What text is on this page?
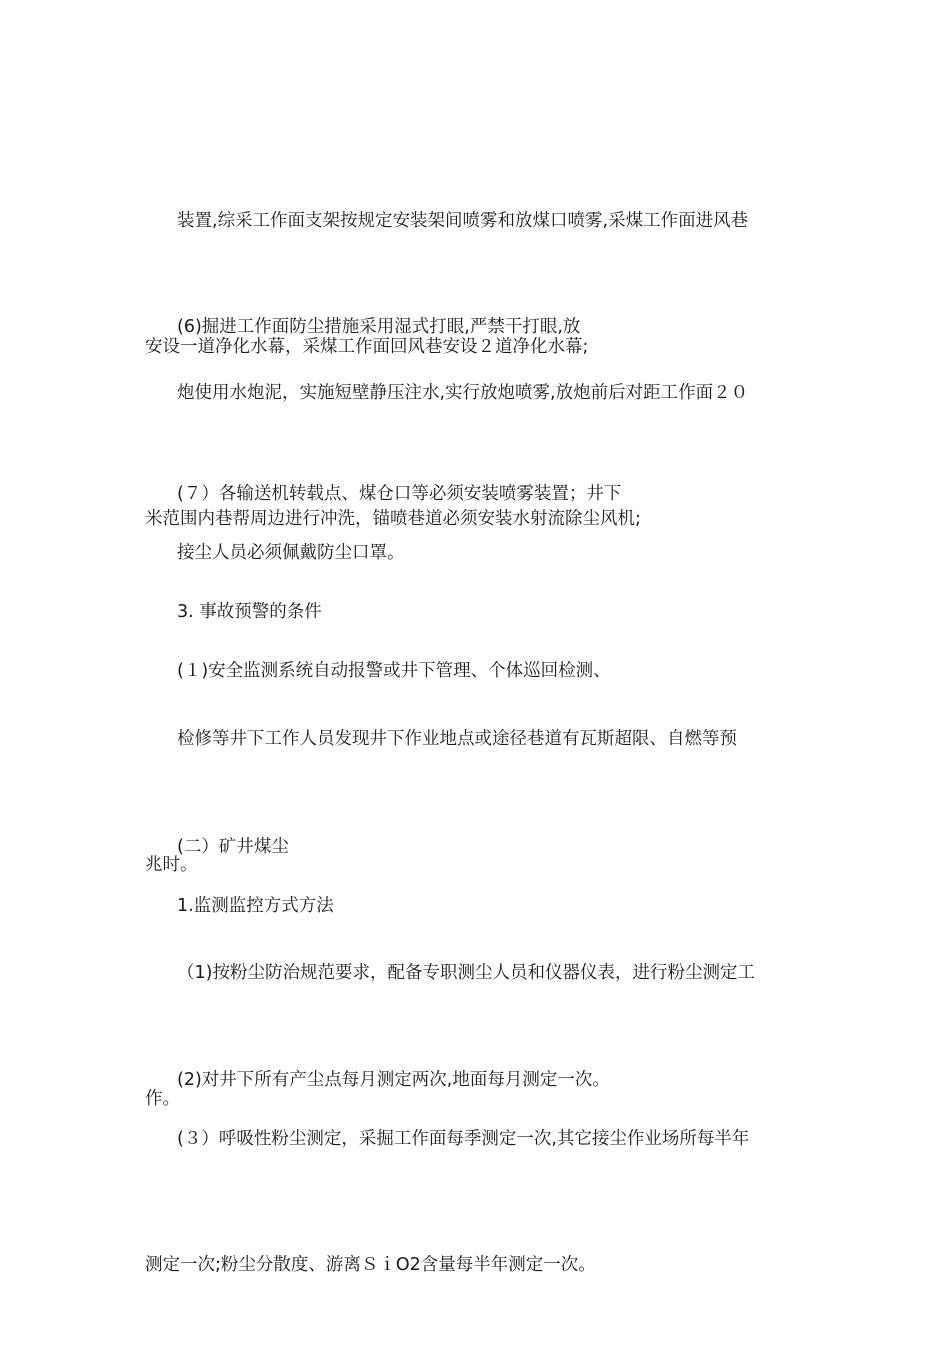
装置,综采工作面支架按规定安装架间喷雾和放煤口喷雾,采煤工作面进风巷

安设一道净化水幕，采煤工作面回风巷安设２道净化水幕;

(6)掘进工作面防尘措施采用湿式打眼,严禁干打眼,放

炮使用水炮泥，实施短壁静压注水,实行放炮喷雾,放炮前后对距工作面２０

米范围内巷帮周边进行冲洗，锚喷巷道必须安装水射流除尘风机;

(７）各输送机转载点、煤仓口等必须安装喷雾装置；井下

接尘人员必须佩戴防尘口罩。

3. 事故预警的条件

(１)安全监测系统自动报警或井下管理、个体巡回检测、

检修等井下工作人员发现井下作业地点或途径巷道有瓦斯超限、自燃等预

兆时。

(二）矿井煤尘

1.监测监控方式方法

（1)按粉尘防治规范要求，配备专职测尘人员和仪器仪表，进行粉尘测定工

作。

(2)对井下所有产尘点每月测定两次,地面每月测定一次。

(３）呼吸性粉尘测定，采掘工作面每季测定一次,其它接尘作业场所每半年

测定一次;粉尘分散度、游离ＳｉO2含量每半年测定一次。
